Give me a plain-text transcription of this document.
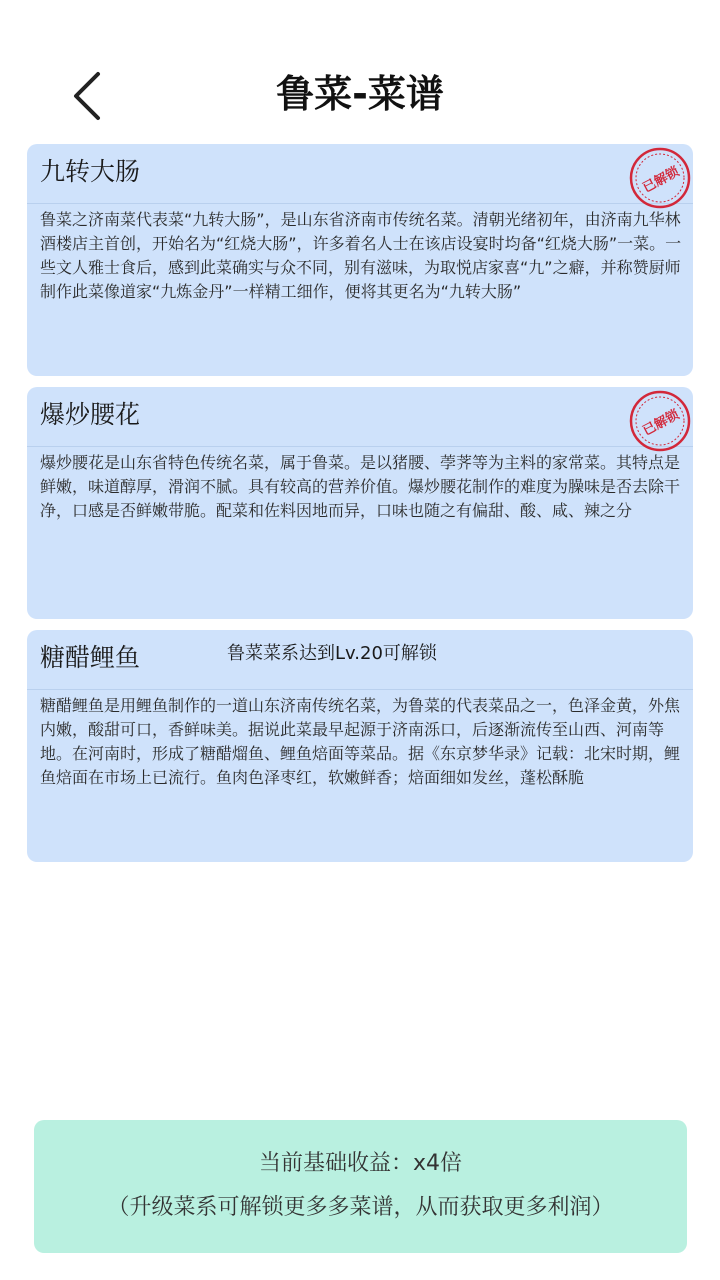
鲁菜-菜谱
九转大肠
鲁菜之济南菜代表菜“九转大肠”，是山东省济南市传统名菜。清朝光绪初年，由济南九华林酒楼店主首创，开始名为“红烧大肠”，许多着名人士在该店设宴时均备“红烧大肠”一菜。一些文人雅士食后，感到此菜确实与众不同，别有滋味，为取悦店家喜“九”之癖，并称赞厨师制作此菜像道家“九炼金丹”一样精工细作，便将其更名为“九转大肠”
已解锁
爆炒腰花
爆炒腰花是山东省特色传统名菜，属于鲁菜。是以猪腰、荸荠等为主料的家常菜。其特点是鲜嫩，味道醇厚，滑润不腻。具有较高的营养价值。爆炒腰花制作的难度为臊味是否去除干净，口感是否鲜嫩带脆。配菜和佐料因地而异，口味也随之有偏甜、酸、咸、辣之分
已解锁
糖醋鲤鱼	鲁菜菜系达到Lv.20可解锁
糖醋鲤鱼是用鲤鱼制作的一道山东济南传统名菜，为鲁菜的代表菜品之一，色泽金黄，外焦内嫩，酸甜可口，香鲜味美。据说此菜最早起源于济南泺口，后逐渐流传至山西、河南等地。在河南时，形成了糖醋熘鱼、鲤鱼焙面等菜品。据《东京梦华录》记载：北宋时期，鲤鱼焙面在市场上已流行。鱼肉色泽枣红，软嫩鲜香；焙面细如发丝，蓬松酥脆
当前基础收益：x4倍
（升级菜系可解锁更多多菜谱，从而获取更多利润）
